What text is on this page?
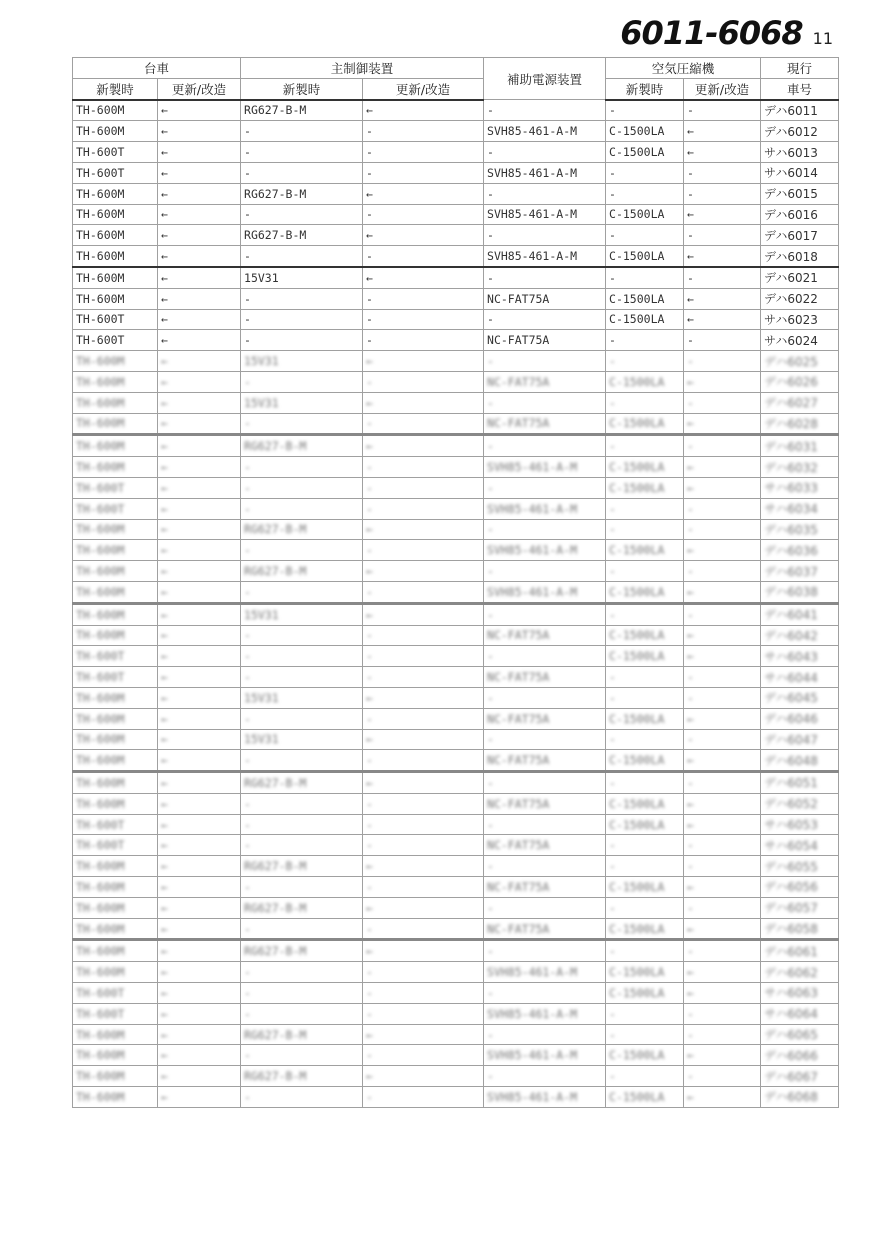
6011-6068 11
台車		主制御装置		補助電源装置	空気圧縮機		現行
新製時	更新/改造	新製時	更新/改造		新製時	更新/改造	車号
TH-600M	←	RG627-B-M	←	-	-	-	デハ6011
TH-600M	←	-	-	SVH85-461-A-M	C-1500LA	←	デハ6012
TH-600T	←	-	-	-	C-1500LA	←	サハ6013
TH-600T	←	-	-	SVH85-461-A-M	-	-	サハ6014
TH-600M	←	RG627-B-M	←	-	-	-	デハ6015
TH-600M	←	-	-	SVH85-461-A-M	C-1500LA	←	デハ6016
TH-600M	←	RG627-B-M	←	-	-	-	デハ6017
TH-600M	←	-	-	SVH85-461-A-M	C-1500LA	←	デハ6018
TH-600M	←	15V31	←	-	-	-	デハ6021
TH-600M	←	-	-	NC-FAT75A	C-1500LA	←	デハ6022
TH-600T	←	-	-	-	C-1500LA	←	サハ6023
TH-600T	←	-	-	NC-FAT75A	-	-	サハ6024
TH-600M	←	15V31	←	-	-	-	デハ6025
TH-600M	←	-	-	NC-FAT75A	C-1500LA	←	デハ6026
TH-600M	←	15V31	←	-	-	-	デハ6027
TH-600M	←	-	-	NC-FAT75A	C-1500LA	←	デハ6028
TH-600M	←	RG627-B-M	←	-	-	-	デハ6031
TH-600M	←	-	-	SVH85-461-A-M	C-1500LA	←	デハ6032
TH-600T	←	-	-	-	C-1500LA	←	サハ6033
TH-600T	←	-	-	SVH85-461-A-M	-	-	サハ6034
TH-600M	←	RG627-B-M	←	-	-	-	デハ6035
TH-600M	←	-	-	SVH85-461-A-M	C-1500LA	←	デハ6036
TH-600M	←	RG627-B-M	←	-	-	-	デハ6037
TH-600M	←	-	-	SVH85-461-A-M	C-1500LA	←	デハ6038
TH-600M	←	15V31	←	-	-	-	デハ6041
TH-600M	←	-	-	NC-FAT75A	C-1500LA	←	デハ6042
TH-600T	←	-	-	-	C-1500LA	←	サハ6043
TH-600T	←	-	-	NC-FAT75A	-	-	サハ6044
TH-600M	←	15V31	←	-	-	-	デハ6045
TH-600M	←	-	-	NC-FAT75A	C-1500LA	←	デハ6046
TH-600M	←	15V31	←	-	-	-	デハ6047
TH-600M	←	-	-	NC-FAT75A	C-1500LA	←	デハ6048
TH-600M	←	RG627-B-M	←	-	-	-	デハ6051
TH-600M	←	-	-	NC-FAT75A	C-1500LA	←	デハ6052
TH-600T	←	-	-	-	C-1500LA	←	サハ6053
TH-600T	←	-	-	NC-FAT75A	-	-	サハ6054
TH-600M	←	RG627-B-M	←	-	-	-	デハ6055
TH-600M	←	-	-	NC-FAT75A	C-1500LA	←	デハ6056
TH-600M	←	RG627-B-M	←	-	-	-	デハ6057
TH-600M	←	-	-	NC-FAT75A	C-1500LA	←	デハ6058
TH-600M	←	RG627-B-M	←	-	-	-	デハ6061
TH-600M	←	-	-	SVH85-461-A-M	C-1500LA	←	デハ6062
TH-600T	←	-	-	-	C-1500LA	←	サハ6063
TH-600T	←	-	-	SVH85-461-A-M	-	-	サハ6064
TH-600M	←	RG627-B-M	←	-	-	-	デハ6065
TH-600M	←	-	-	SVH85-461-A-M	C-1500LA	←	デハ6066
TH-600M	←	RG627-B-M	←	-	-	-	デハ6067
TH-600M	←	-	-	SVH85-461-A-M	C-1500LA	←	デハ6068
